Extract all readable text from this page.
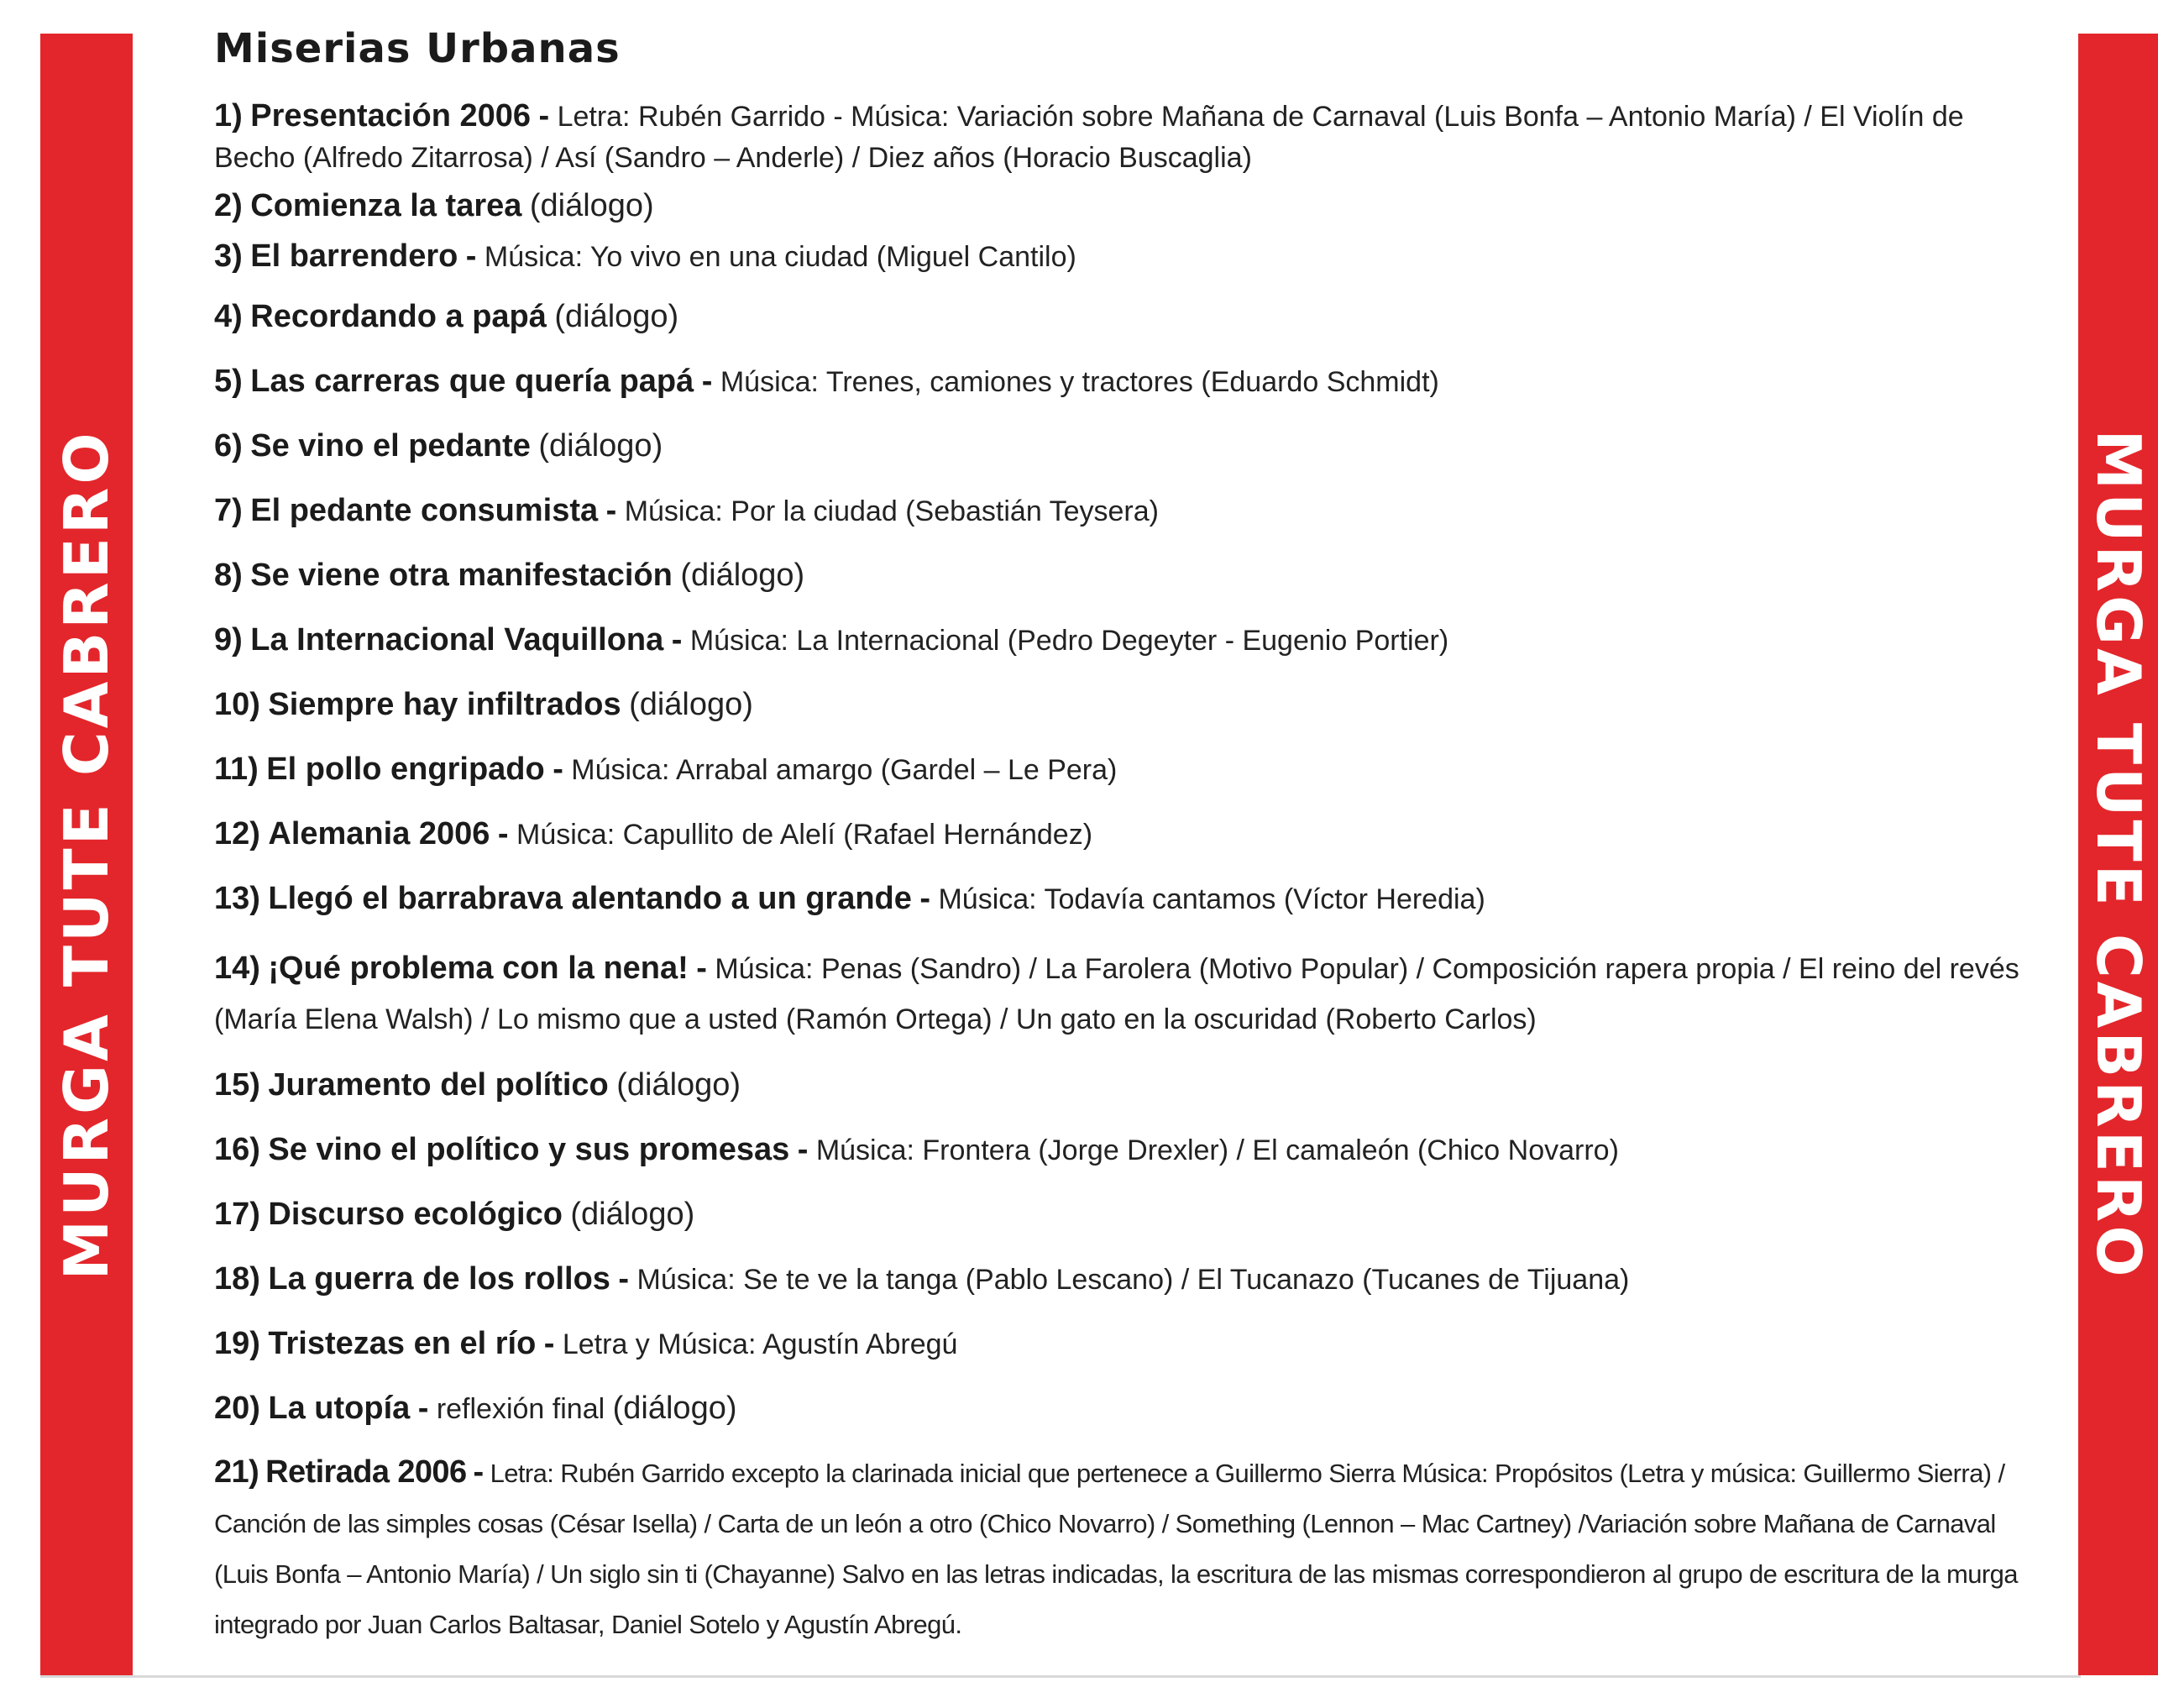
MURGA TUTE CABRERO	MURGA TUTE CABRERO
Miserias Urbanas
1) Presentación 2006 - Letra: Rubén Garrido - Música: Variación sobre Mañana de Carnaval (Luis Bonfa – Antonio María) / El Violín de Becho (Alfredo Zitarrosa) / Así (Sandro – Anderle) / Diez años (Horacio Buscaglia)
2) Comienza la tarea (diálogo)
3) El barrendero - Música: Yo vivo en una ciudad (Miguel Cantilo)
4) Recordando a papá (diálogo)
5) Las carreras que quería papá - Música: Trenes, camiones y tractores (Eduardo Schmidt)
6) Se vino el pedante (diálogo)
7) El pedante consumista - Música: Por la ciudad (Sebastián Teysera)
8) Se viene otra manifestación (diálogo)
9) La Internacional Vaquillona - Música: La Internacional (Pedro Degeyter - Eugenio Portier)
10) Siempre hay infiltrados (diálogo)
11) El pollo engripado - Música: Arrabal amargo (Gardel – Le Pera)
12) Alemania 2006 - Música: Capullito de Alelí (Rafael Hernández)
13) Llegó el barrabrava alentando a un grande - Música: Todavía cantamos (Víctor Heredia)
14) ¡Qué problema con la nena! - Música: Penas (Sandro) / La Farolera (Motivo Popular) / Composición rapera propia / El reino del revés (María Elena Walsh) / Lo mismo que a usted (Ramón Ortega) / Un gato en la oscuridad (Roberto Carlos)
15) Juramento del político (diálogo)
16) Se vino el político y sus promesas - Música: Frontera (Jorge Drexler) / El camaleón (Chico Novarro)
17) Discurso ecológico (diálogo)
18) La guerra de los rollos - Música: Se te ve la tanga (Pablo Lescano) / El Tucanazo (Tucanes de Tijuana)
19) Tristezas en el río - Letra y Música: Agustín Abregú
20) La utopía - reflexión final (diálogo)
21) Retirada 2006 - Letra: Rubén Garrido excepto la clarinada inicial que pertenece a Guillermo Sierra Música: Propósitos (Letra y música: Guillermo Sierra) / Canción de las simples cosas (César Isella) / Carta de un león a otro (Chico Novarro) / Something (Lennon – Mac Cartney) /Variación sobre Mañana de Carnaval (Luis Bonfa – Antonio María) / Un siglo sin ti (Chayanne) Salvo en las letras indicadas, la escritura de las mismas correspondieron al grupo de escritura de la murga integrado por Juan Carlos Baltasar, Daniel Sotelo y Agustín Abregú.
